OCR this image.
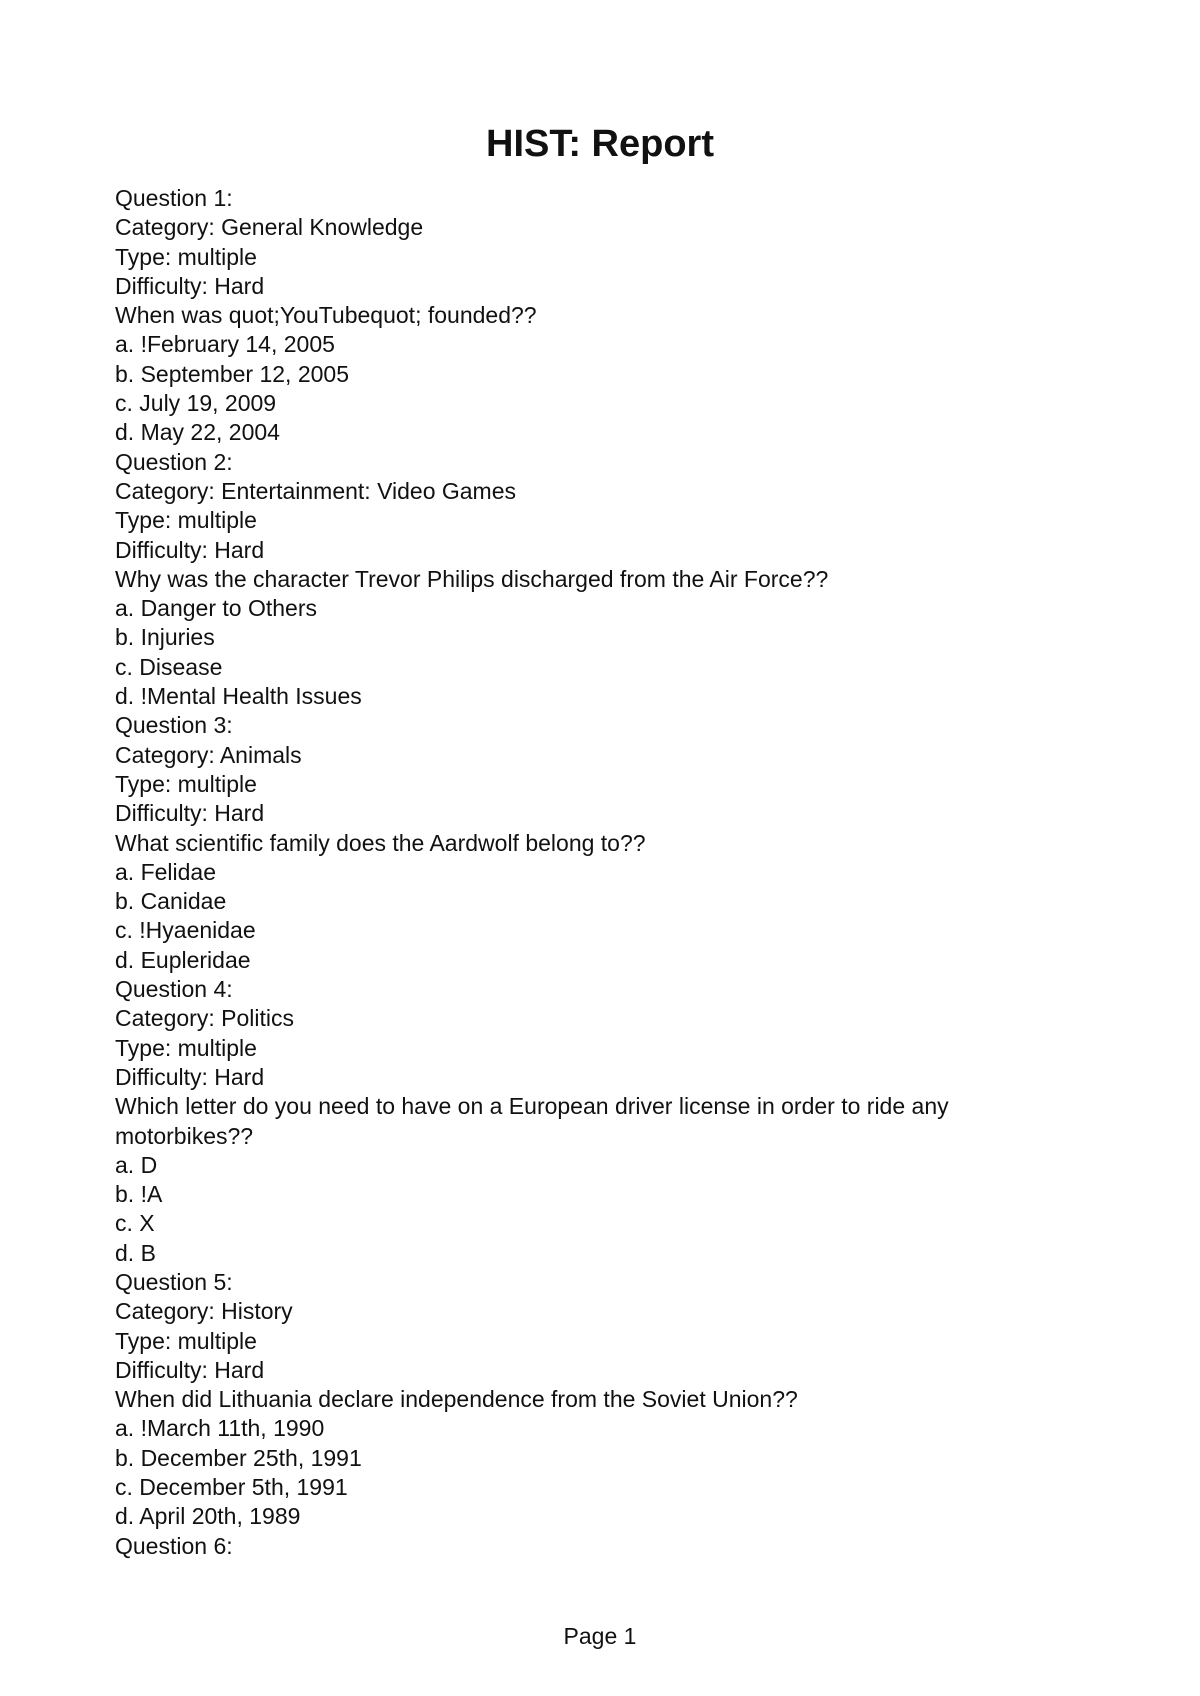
HIST: Report
Question 1:
Category: General Knowledge
Type: multiple
Difficulty: Hard
When was quot;YouTubequot; founded??
a. !February 14, 2005
b. September 12, 2005
c. July 19, 2009
d. May 22, 2004
Question 2:
Category: Entertainment: Video Games
Type: multiple
Difficulty: Hard
Why was the character Trevor Philips discharged from the Air Force??
a. Danger to Others
b. Injuries
c. Disease
d. !Mental Health Issues
Question 3:
Category: Animals
Type: multiple
Difficulty: Hard
What scientific family does the Aardwolf belong to??
a. Felidae
b. Canidae
c. !Hyaenidae
d. Eupleridae
Question 4:
Category: Politics
Type: multiple
Difficulty: Hard
Which letter do you need to have on a European driver license in order to ride any motorbikes??
a. D
b. !A
c. X
d. B
Question 5:
Category: History
Type: multiple
Difficulty: Hard
When did Lithuania declare independence from the Soviet Union??
a. !March 11th, 1990
b. December 25th, 1991
c. December 5th, 1991
d. April 20th, 1989
Question 6:
Page 1
